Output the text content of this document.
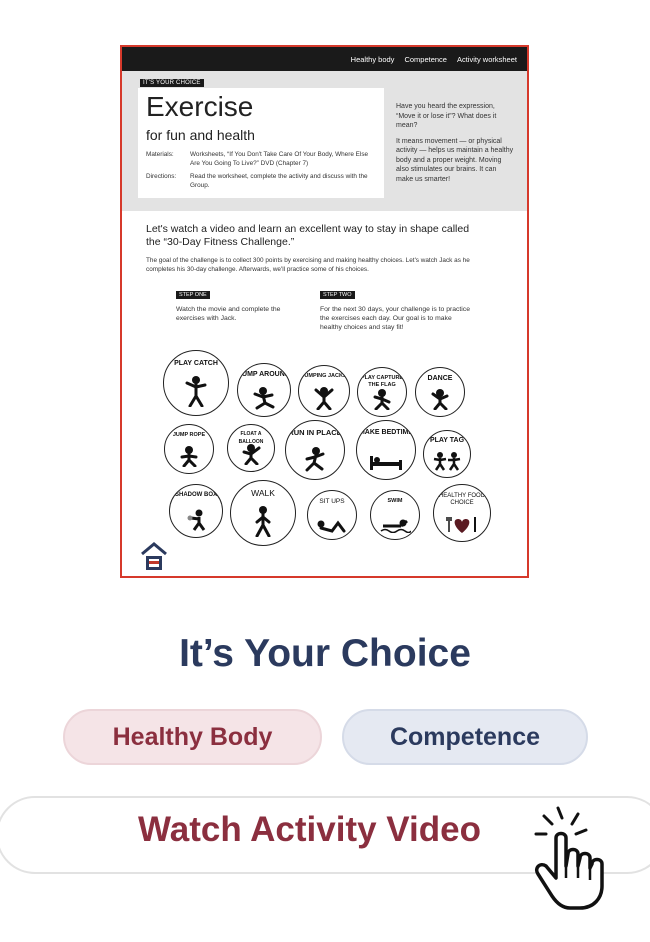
Healthy body Competence Activity worksheet
IT'S YOUR CHOICE
Exercise
for fun and health
Materials:	Worksheets, “If You Don't Take Care Of Your Body, Where Else Are You Going To Live?” DVD (Chapter 7)
Directions: Read the worksheet, complete the activity and discuss with the Group.

Have you heard the expression, “Move it or lose it”? What does it mean?

It means movement — or physical activity — helps us maintain a healthy body and a proper weight. Moving also stimulates our brains. It can make us smarter!

Let's watch a video and learn an excellent way to stay in shape called the “30-Day Fitness Challenge.”
The goal of the challenge is to collect 300 points by exercising and making healthy choices. Let's watch Jack as he completes his 30-day challenge. Afterwards, we'll practice some of his choices.
STEP ONE
Watch the movie and complete the exercises with Jack.
STEP TWO
For the next 30 days, your challenge is to practice the exercises each day. Our goal is to make healthy choices and stay fit!
PLAY CATCH
JUMP AROUND	JUMPING JACKS	PLAY CAPTURE THE FLAG
DANCE
JUMP ROPE	FLOAT A BALLOON
RUN IN PLACE	MAKE BEDTIME
PLAY TAG
SHADOW BOX	WALK
SIT UPS	SWIM
HEALTHY FOOD CHOICE
It’s Your Choice
Healthy Body	Competence
Watch Activity Video
